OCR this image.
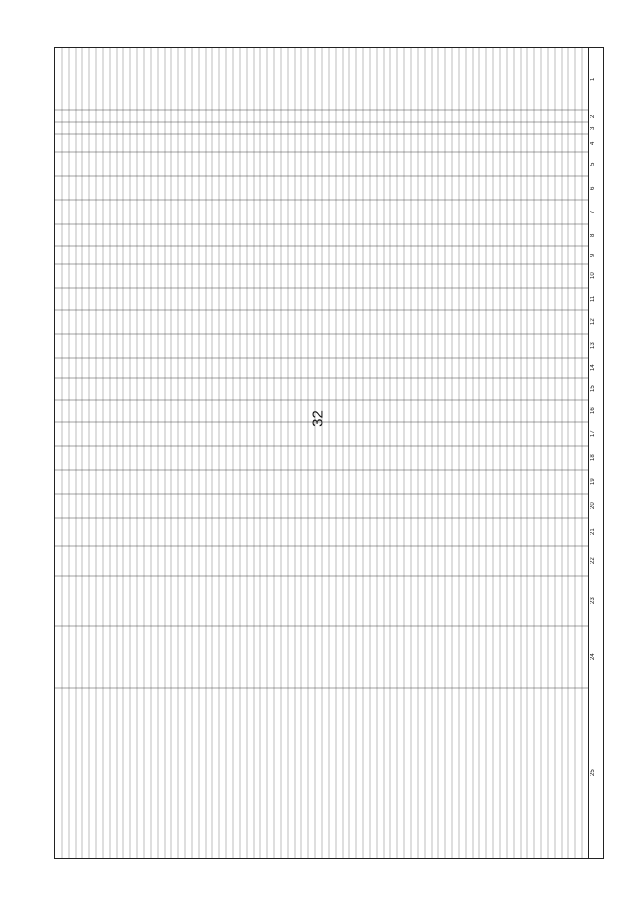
32
1
2
3
4
5
6
7
8
9
10
11
12
13
14
15
16
17
18
19
20
21
22
23
24
25
